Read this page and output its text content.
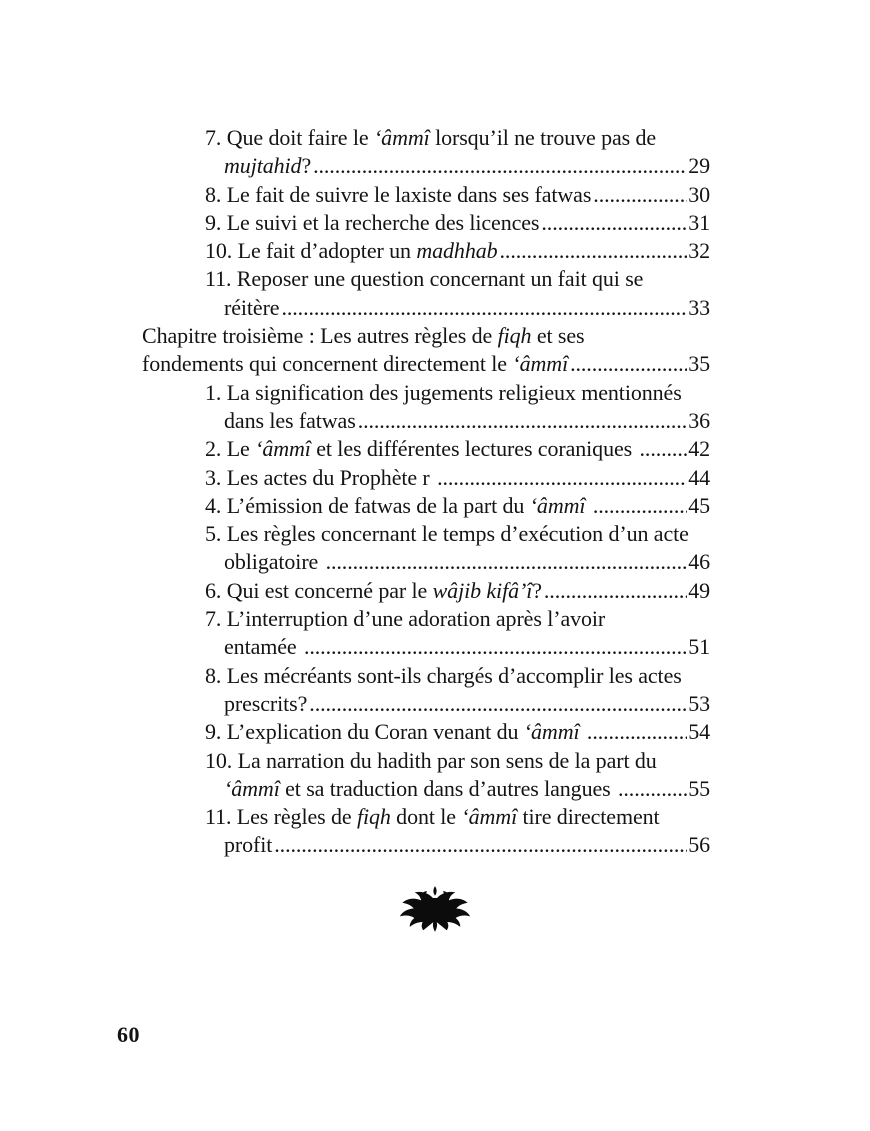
7. Que doit faire le ‘âmmî lorsqu’il ne trouve pas de
mujtahid ? .....	29
8. Le fait de suivre le laxiste dans ses fatwas .....	30
9. Le suivi et la recherche des licences .....	31
10. Le fait d’adopter un madhhab .....	32
11. Reposer une question concernant un fait qui se
réitère .....	33
Chapitre troisième : Les autres règles de fiqh et ses
fondements qui concernent directement le ‘âmmî .....	35
1. La signification des jugements religieux mentionnés
dans les fatwas .....	36
2. Le ‘âmmî et les différentes lectures coraniques ..... 42
3. Les actes du Prophète r .....	44
4. L’émission de fatwas de la part du ‘âmmî
.....	45
5. Les règles concernant le temps d’exécution d’un acte
obligatoire .....	46
6. Qui est concerné par le wâjib kifâ’î ? .....	49
7. L’interruption d’une adoration après l’avoir
entamée .....	51
8. Les mécréants sont-ils chargés d’accomplir les actes
prescrits? .....	53
9. L’explication du Coran venant du ‘âmmî
.....	54
10. La narration du hadith par son sens de la part du
‘âmmî et sa traduction dans d’autres langues .....	55
11. Les règles de fiqh dont le ‘âmmî tire directement
profit .....	56
60
